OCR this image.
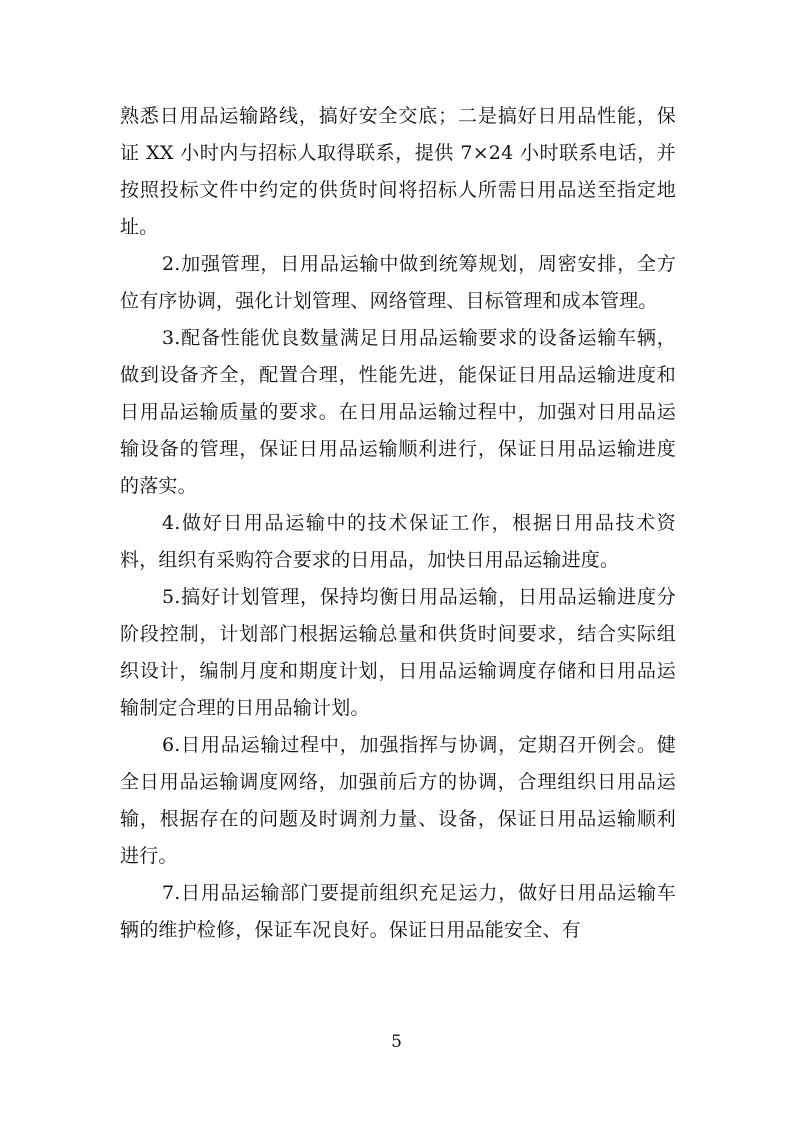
熟悉日用品运输路线，搞好安全交底；二是搞好日用品性能，保证 XX 小时内与招标人取得联系，提供 7×24 小时联系电话，并按照投标文件中约定的供货时间将招标人所需日用品送至指定地址。

2.加强管理，日用品运输中做到统筹规划，周密安排，全方位有序协调，强化计划管理、网络管理、目标管理和成本管理。

3.配备性能优良数量满足日用品运输要求的设备运输车辆，做到设备齐全，配置合理，性能先进，能保证日用品运输进度和日用品运输质量的要求。在日用品运输过程中，加强对日用品运输设备的管理，保证日用品运输顺利进行，保证日用品运输进度的落实。

4.做好日用品运输中的技术保证工作，根据日用品技术资料，组织有采购符合要求的日用品，加快日用品运输进度。

5.搞好计划管理，保持均衡日用品运输，日用品运输进度分阶段控制，计划部门根据运输总量和供货时间要求，结合实际组织设计，编制月度和期度计划，日用品运输调度存储和日用品运输制定合理的日用品输计划。

6.日用品运输过程中，加强指挥与协调，定期召开例会。健全日用品运输调度网络，加强前后方的协调，合理组织日用品运输，根据存在的问题及时调剂力量、设备，保证日用品运输顺利进行。

7.日用品运输部门要提前组织充足运力，做好日用品运输车辆的维护检修，保证车况良好。保证日用品能安全、有

5
